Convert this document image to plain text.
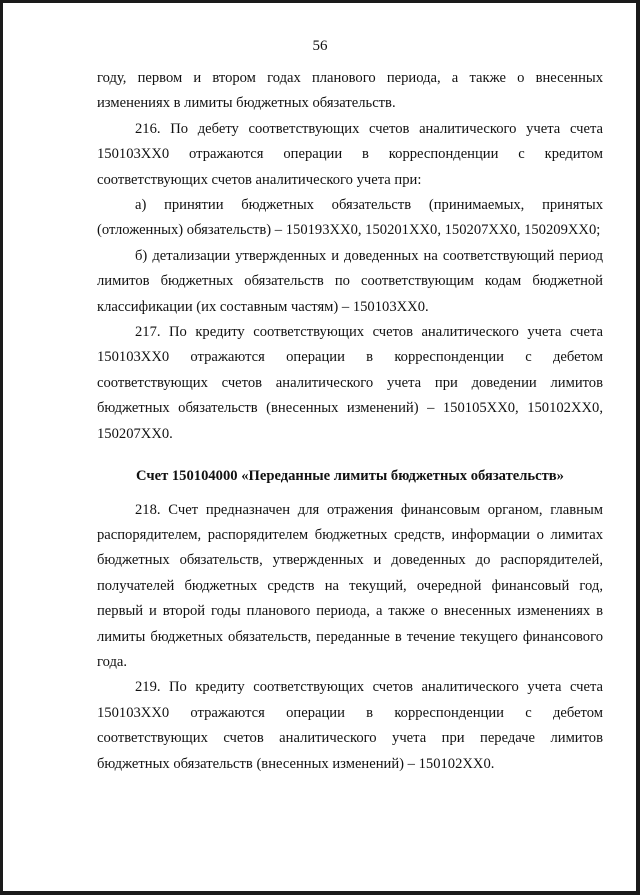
56

году, первом и втором годах планового периода, а также о внесенных изменениях в лимиты бюджетных обязательств.

216. По дебету соответствующих счетов аналитического учета счета 150103ХХ0 отражаются операции в корреспонденции с кредитом соответствующих счетов аналитического учета при:

а) принятии бюджетных обязательств (принимаемых, принятых (отложенных) обязательств) – 150193ХХ0, 150201ХХ0, 150207ХХ0, 150209ХХ0;

б) детализации утвержденных и доведенных на соответствующий период лимитов бюджетных обязательств по соответствующим кодам бюджетной классификации (их составным частям) – 150103ХХ0.

217. По кредиту соответствующих счетов аналитического учета счета 150103ХХ0 отражаются операции в корреспонденции с дебетом соответствующих счетов аналитического учета при доведении лимитов бюджетных обязательств (внесенных изменений) – 150105ХХ0, 150102ХХ0, 150207ХХ0.

Счет 150104000 «Переданные лимиты бюджетных обязательств»

218. Счет предназначен для отражения финансовым органом, главным распорядителем, распорядителем бюджетных средств, информации о лимитах бюджетных обязательств, утвержденных и доведенных до распорядителей, получателей бюджетных средств на текущий, очередной финансовый год, первый и второй годы планового периода, а также о внесенных изменениях в лимиты бюджетных обязательств, переданные в течение текущего финансового года.

219. По кредиту соответствующих счетов аналитического учета счета 150103ХХ0 отражаются операции в корреспонденции с дебетом соответствующих счетов аналитического учета при передаче лимитов бюджетных обязательств (внесенных изменений) – 150102ХХ0.
